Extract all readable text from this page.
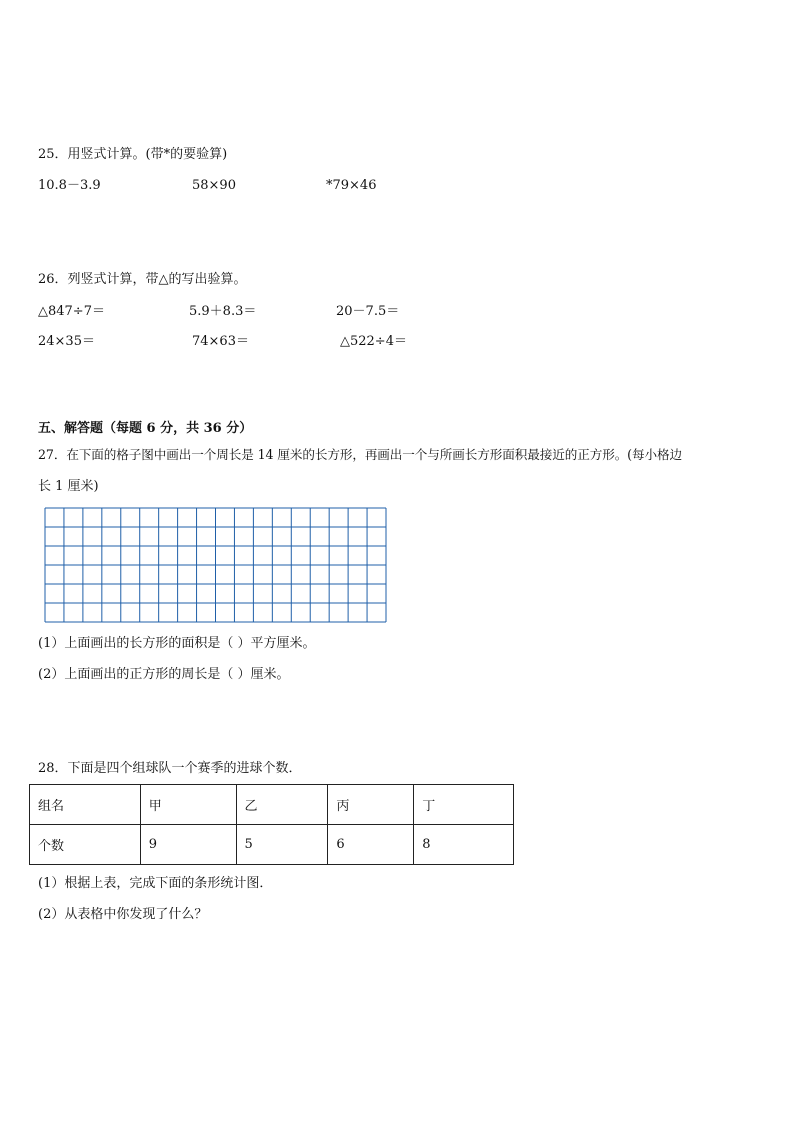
25．用竖式计算。(带*的要验算)
10.8－3.9	58×90	*79×46
26．列竖式计算，带△的写出验算。
△847÷7＝	5.9＋8.3＝	20－7.5＝
24×35＝	74×63＝	△522÷4＝
五、解答题（每题 6 分，共 36 分）
27．在下面的格子图中画出一个周长是 14 厘米的长方形，再画出一个与所画长方形面积最接近的正方形。(每小格边
长 1 厘米)
(1）上面画出的长方形的面积是（ ）平方厘米。
(2）上面画出的正方形的周长是（ ）厘米。
28．下面是四个组球队一个赛季的进球个数．
组名	甲	乙	丙	丁
个数	9	5	6	8
(1）根据上表，完成下面的条形统计图．
(2）从表格中你发现了什么？
